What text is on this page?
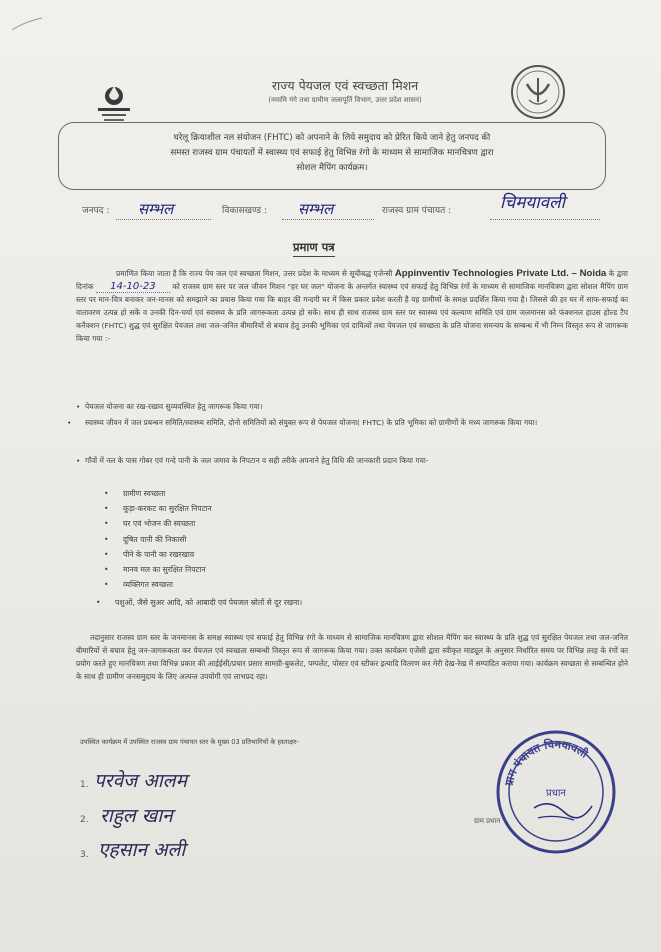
राज्य पेयजल एवं स्वच्छता मिशन
(नमामि गंगे तथा ग्रामीण जलापूर्ति विभाग, उत्तर प्रदेश शासन)
घरेलू क्रियाशील नल संयोजन (FHTC) को अपनाने के लिये समुदाय को प्रेरित किये जाने हेतु जनपद की
समस्त राजस्व ग्राम पंचायतों में स्वास्थ्य एवं सफाई हेतु विभिन्न रंगो के माध्यम से सामाजिक मानचित्रण द्वारा
सोशल मैपिंग कार्यक्रम।
जनपद : सम्भल	विकासखण्ड : सम्भल	राजस्व ग्राम पंचायत :	चिमयावली
प्रमाण पत्र
प्रमाणित किया जाता है कि राज्य पेय जल एवं स्वच्छता मिशन, उत्तर प्रदेश के माध्यम से सूचीबद्ध एजेन्सी Appinventiv Technologies Private Ltd. – Noida के द्वारा दिनांक 14-10-23 को राजस्व ग्राम स्तर पर जल जीवन मिशन "हर घर जल" योजना के अन्तर्गत स्वास्थ्य एवं सफाई हेतु विभिन्न रंगों के माध्यम से सामाजिक मानचित्रण द्वारा सोशल मैपिंग ग्राम स्तर पर मान-चित्र बनाकर जन-मानस को समझाने का प्रयास किया गया कि बाहर की गन्दगी घर में किस प्रकार प्रवेश करती है यह ग्रामीणों के समक्ष प्रदर्शित किया गया है। जिससे की हर घर में साफ-सफाई का वातावरण उत्पन्न हो सकें व उनकी दिन-चर्या एवं स्वास्थ्य के प्रति जागरूकता उत्पन्न हो सकें। साथ ही साथ राजस्व ग्राम स्तर पर स्वास्थ्य एवं कल्याण समिति एवं ग्राम जलमानस को फंक्शनल हाउस होल्ड टैप कनैक्शन (FHTC) शुद्ध एवं सुरक्षित पेयजल तथा जल-जनित बीमारियों से बचाव हेतु उनकी भूमिका एवं दायित्वों तथा पेयजल एवं स्वच्छता के प्रति योजना समन्वय के सम्बन्ध में भी निम्न विस्तृत रूप से जागरूक किया गया :-
• पेयजल योजना का रख-रखाव सुव्यवस्थित हेतु जागरूक किया गया।
• स्वास्थ्य जीवन में जल प्रबन्धन समिति/स्वास्थ्य समिति, दोनो समितियों को संयुक्त रूप से पेयजल योजना( FHTC) के प्रति भूमिका को ग्रामीणों के मध्य जागरूक किया गया।
• गाँवों में नल के पास गोबर एवं गन्दे पानी के जल जमाव के निपटान व सही तरीके अपनाने हेतु विधि की जानकारी प्रदान किया गया-
• ग्रामीण स्वच्छता
• कूड़ा-करकट का सुरक्षित निपटान
• घर एवं भोजन की स्वच्छता
• दूषित पानी की निकासी
• पीने के पानी का रखरखाव
• मानव मल का सुरक्षित निपटान
• व्यक्तिगत स्वच्छता
• पशुओं, जैसे सुअर आदि, को आबादी एवं पेयजल स्रोतों से दूर रखना।
तदानुसार राजस्व ग्राम स्तर के जनमानस के समक्ष स्वास्थ्य एवं सफाई हेतु विभिन्न रंगो के माध्यम से सामाजिक मानचित्रण द्वारा सोशल मैपिंग कर स्वास्थ्य के प्रति शुद्ध एवं सुरक्षित पेयजल तथा जल-जनित बीमारियों से बचाव हेतु जन-जागरूकता कर पेयजल एवं स्वच्छता सम्बन्धी विस्तृत रूप से जागरूक किया गया। उक्त कार्यक्रम एजेंसी द्वारा स्वीकृत माड्यूल के अनुसार निर्धारित समय पर विभिन्न तरह के रंगों का प्रयोग करते हुए मानचित्रण तथा विभिन्न प्रकार की आईईसी/प्रचार प्रसार सामग्री-बुकलेट, पम्पलेट, पोस्टर एवं स्टीकर इत्यादि वितरण कर मेरी देख-रेख में सम्पादित कराया गया। कार्यक्रम स्वच्छता से सम्बन्धित होने के साथ ही ग्रामीण जनसमुदाय के लिए अत्यन्त उपयोगी एवं लाभप्रद रहा।
उपस्थित कार्यक्रम में उपस्थित राजस्व ग्राम पंचायत स्तर के मुख्य 03 प्रतिभागियों के हस्ताक्षर-
1. परवेज आलम
2. राहुल खान
3. एहसान अली
ग्राम प्रधान
ग्राम पंचायत चिमयावली
प्रधान
